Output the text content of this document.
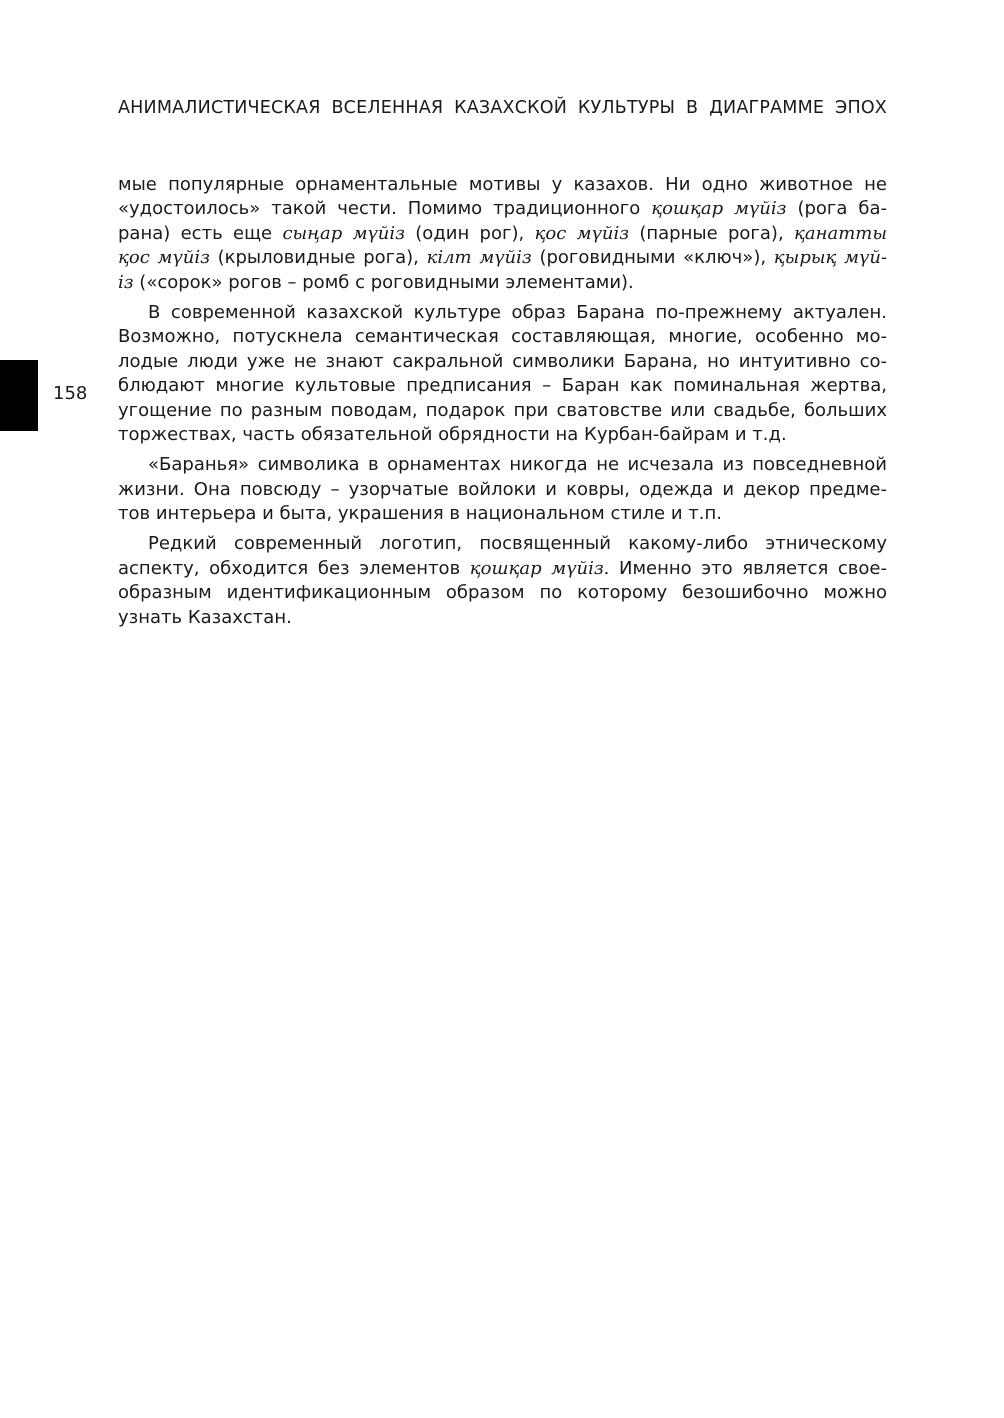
АНИМАЛИСТИЧЕСКАЯ ВСЕЛЕННАЯ КАЗАХСКОЙ КУЛЬТУРЫ В ДИАГРАММЕ ЭПОХ
158
мые популярные орнаментальные мотивы у казахов. Ни одно животное не
«удостоилось» такой чести. Помимо традиционного қошқар мүйіз (рога ба-
рана) есть еще сыңар мүйіз (один рог), қос мүйіз (парные рога), қанатты
қос мүйіз (крыловидные рога), кілт мүйіз (роговидными «ключ»), қырық мүй-
із («сорок» рогов – ромб с роговидными элементами).
В современной казахской культуре образ Барана по-прежнему актуален.
Возможно, потускнела семантическая составляющая, многие, особенно мо-
лодые люди уже не знают сакральной символики Барана, но интуитивно со-
блюдают многие культовые предписания – Баран как поминальная жертва,
угощение по разным поводам, подарок при сватовстве или свадьбе, больших
торжествах, часть обязательной обрядности на Курбан-байрам и т.д.
«Баранья» символика в орнаментах никогда не исчезала из повседневной
жизни. Она повсюду – узорчатые войлоки и ковры, одежда и декор предме-
тов интерьера и быта, украшения в национальном стиле и т.п.
Редкий современный логотип, посвященный какому-либо этническому
аспекту, обходится без элементов қошқар мүйіз. Именно это является свое-
образным идентификационным образом по которому безошибочно можно
узнать Казахстан.
